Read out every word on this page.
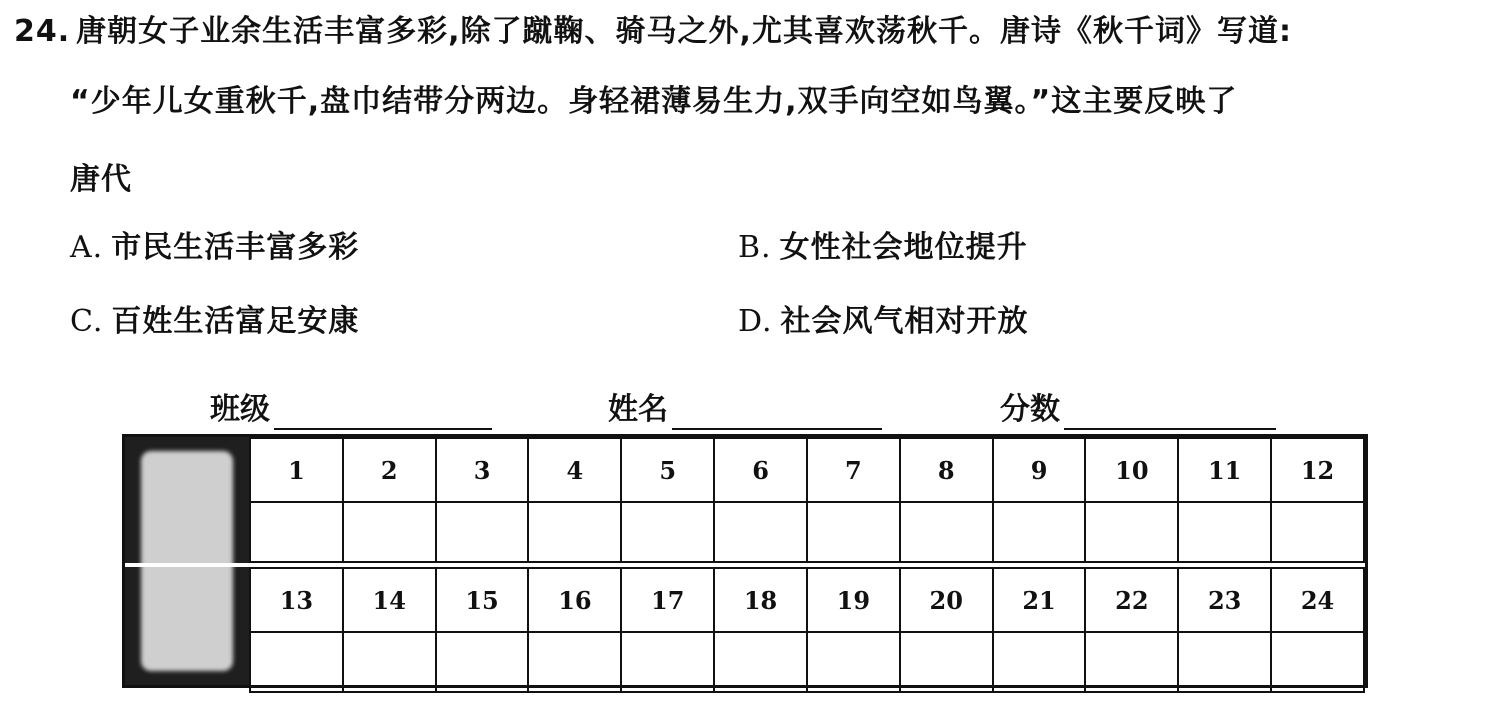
24. 唐朝女子业余生活丰富多彩,除了蹴鞠、骑马之外,尤其喜欢荡秋千。唐诗《秋千词》写道:
“少年儿女重秋千,盘巾结带分两边。身轻裙薄易生力,双手向空如鸟翼。”这主要反映了
唐代
A. 市民生活丰富多彩	B. 女性社会地位提升
C. 百姓生活富足安康	D. 社会风气相对开放
班级	姓名	分数
1	2	3	4	5	6	7	8	9	10	11	12

13	14	15	16	17	18	19	20	21	22	23	24
